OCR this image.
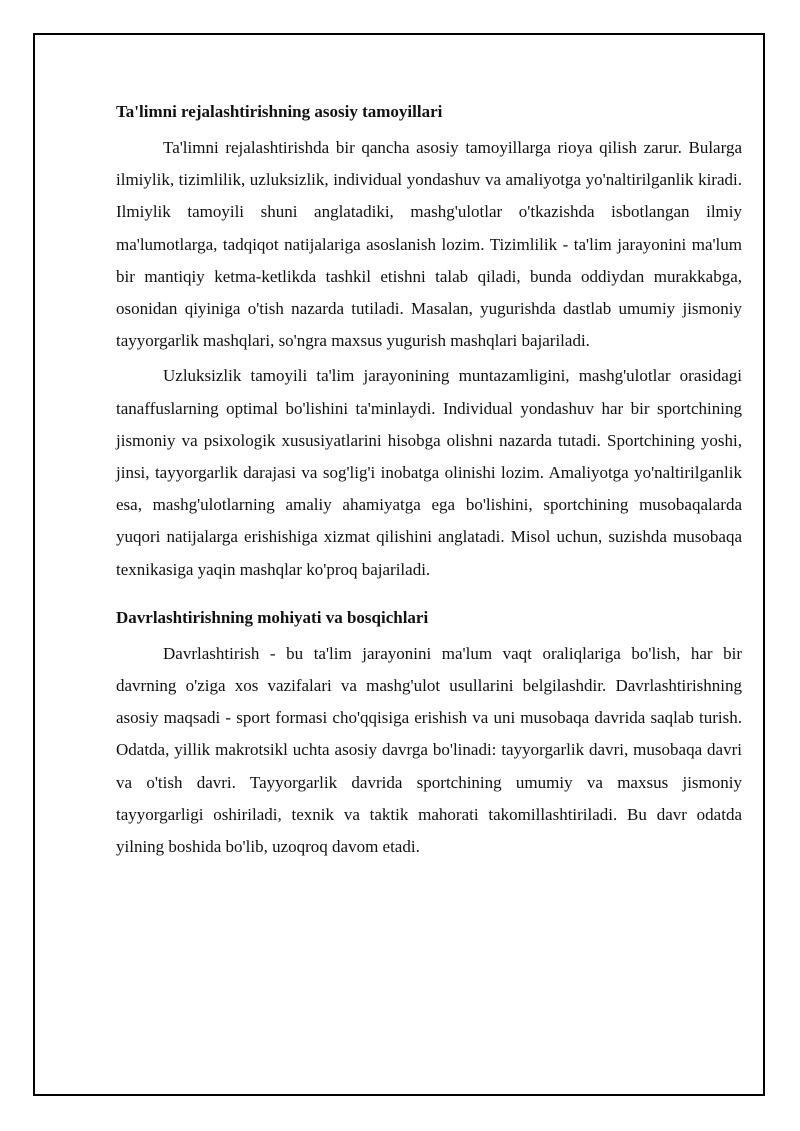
Ta'limni rejalashtirishning asosiy tamoyillari

Ta'limni rejalashtirishda bir qancha asosiy tamoyillarga rioya qilish zarur. Bularga ilmiylik, tizimlilik, uzluksizlik, individual yondashuv va amaliyotga yo'naltirilganlik kiradi. Ilmiylik tamoyili shuni anglatadiki, mashg'ulotlar o'tkazishda isbotlangan ilmiy ma'lumotlarga, tadqiqot natijalariga asoslanish lozim. Tizimlilik - ta'lim jarayonini ma'lum bir mantiqiy ketma-ketlikda tashkil etishni talab qiladi, bunda oddiydan murakkabga, osonidan qiyiniga o'tish nazarda tutiladi. Masalan, yugurishda dastlab umumiy jismoniy tayyorgarlik mashqlari, so'ngra maxsus yugurish mashqlari bajariladi.

Uzluksizlik tamoyili ta'lim jarayonining muntazamligini, mashg'ulotlar orasidagi tanaffuslarning optimal bo'lishini ta'minlaydi. Individual yondashuv har bir sportchining jismoniy va psixologik xususiyatlarini hisobga olishni nazarda tutadi. Sportchining yoshi, jinsi, tayyorgarlik darajasi va sog'lig'i inobatga olinishi lozim. Amaliyotga yo'naltirilganlik esa, mashg'ulotlarning amaliy ahamiyatga ega bo'lishini, sportchining musobaqalarda yuqori natijalarga erishishiga xizmat qilishini anglatadi. Misol uchun, suzishda musobaqa texnikasiga yaqin mashqlar ko'proq bajariladi.

Davrlashtirishning mohiyati va bosqichlari

Davrlashtirish - bu ta'lim jarayonini ma'lum vaqt oraliqlariga bo'lish, har bir davrning o'ziga xos vazifalari va mashg'ulot usullarini belgilashdir. Davrlashtirishning asosiy maqsadi - sport formasi cho'qqisiga erishish va uni musobaqa davrida saqlab turish. Odatda, yillik makrotsikl uchta asosiy davrga bo'linadi: tayyorgarlik davri, musobaqa davri va o'tish davri. Tayyorgarlik davrida sportchining umumiy va maxsus jismoniy tayyorgarligi oshiriladi, texnik va taktik mahorati takomillashtiriladi. Bu davr odatda yilning boshida bo'lib, uzoqroq davom etadi.
